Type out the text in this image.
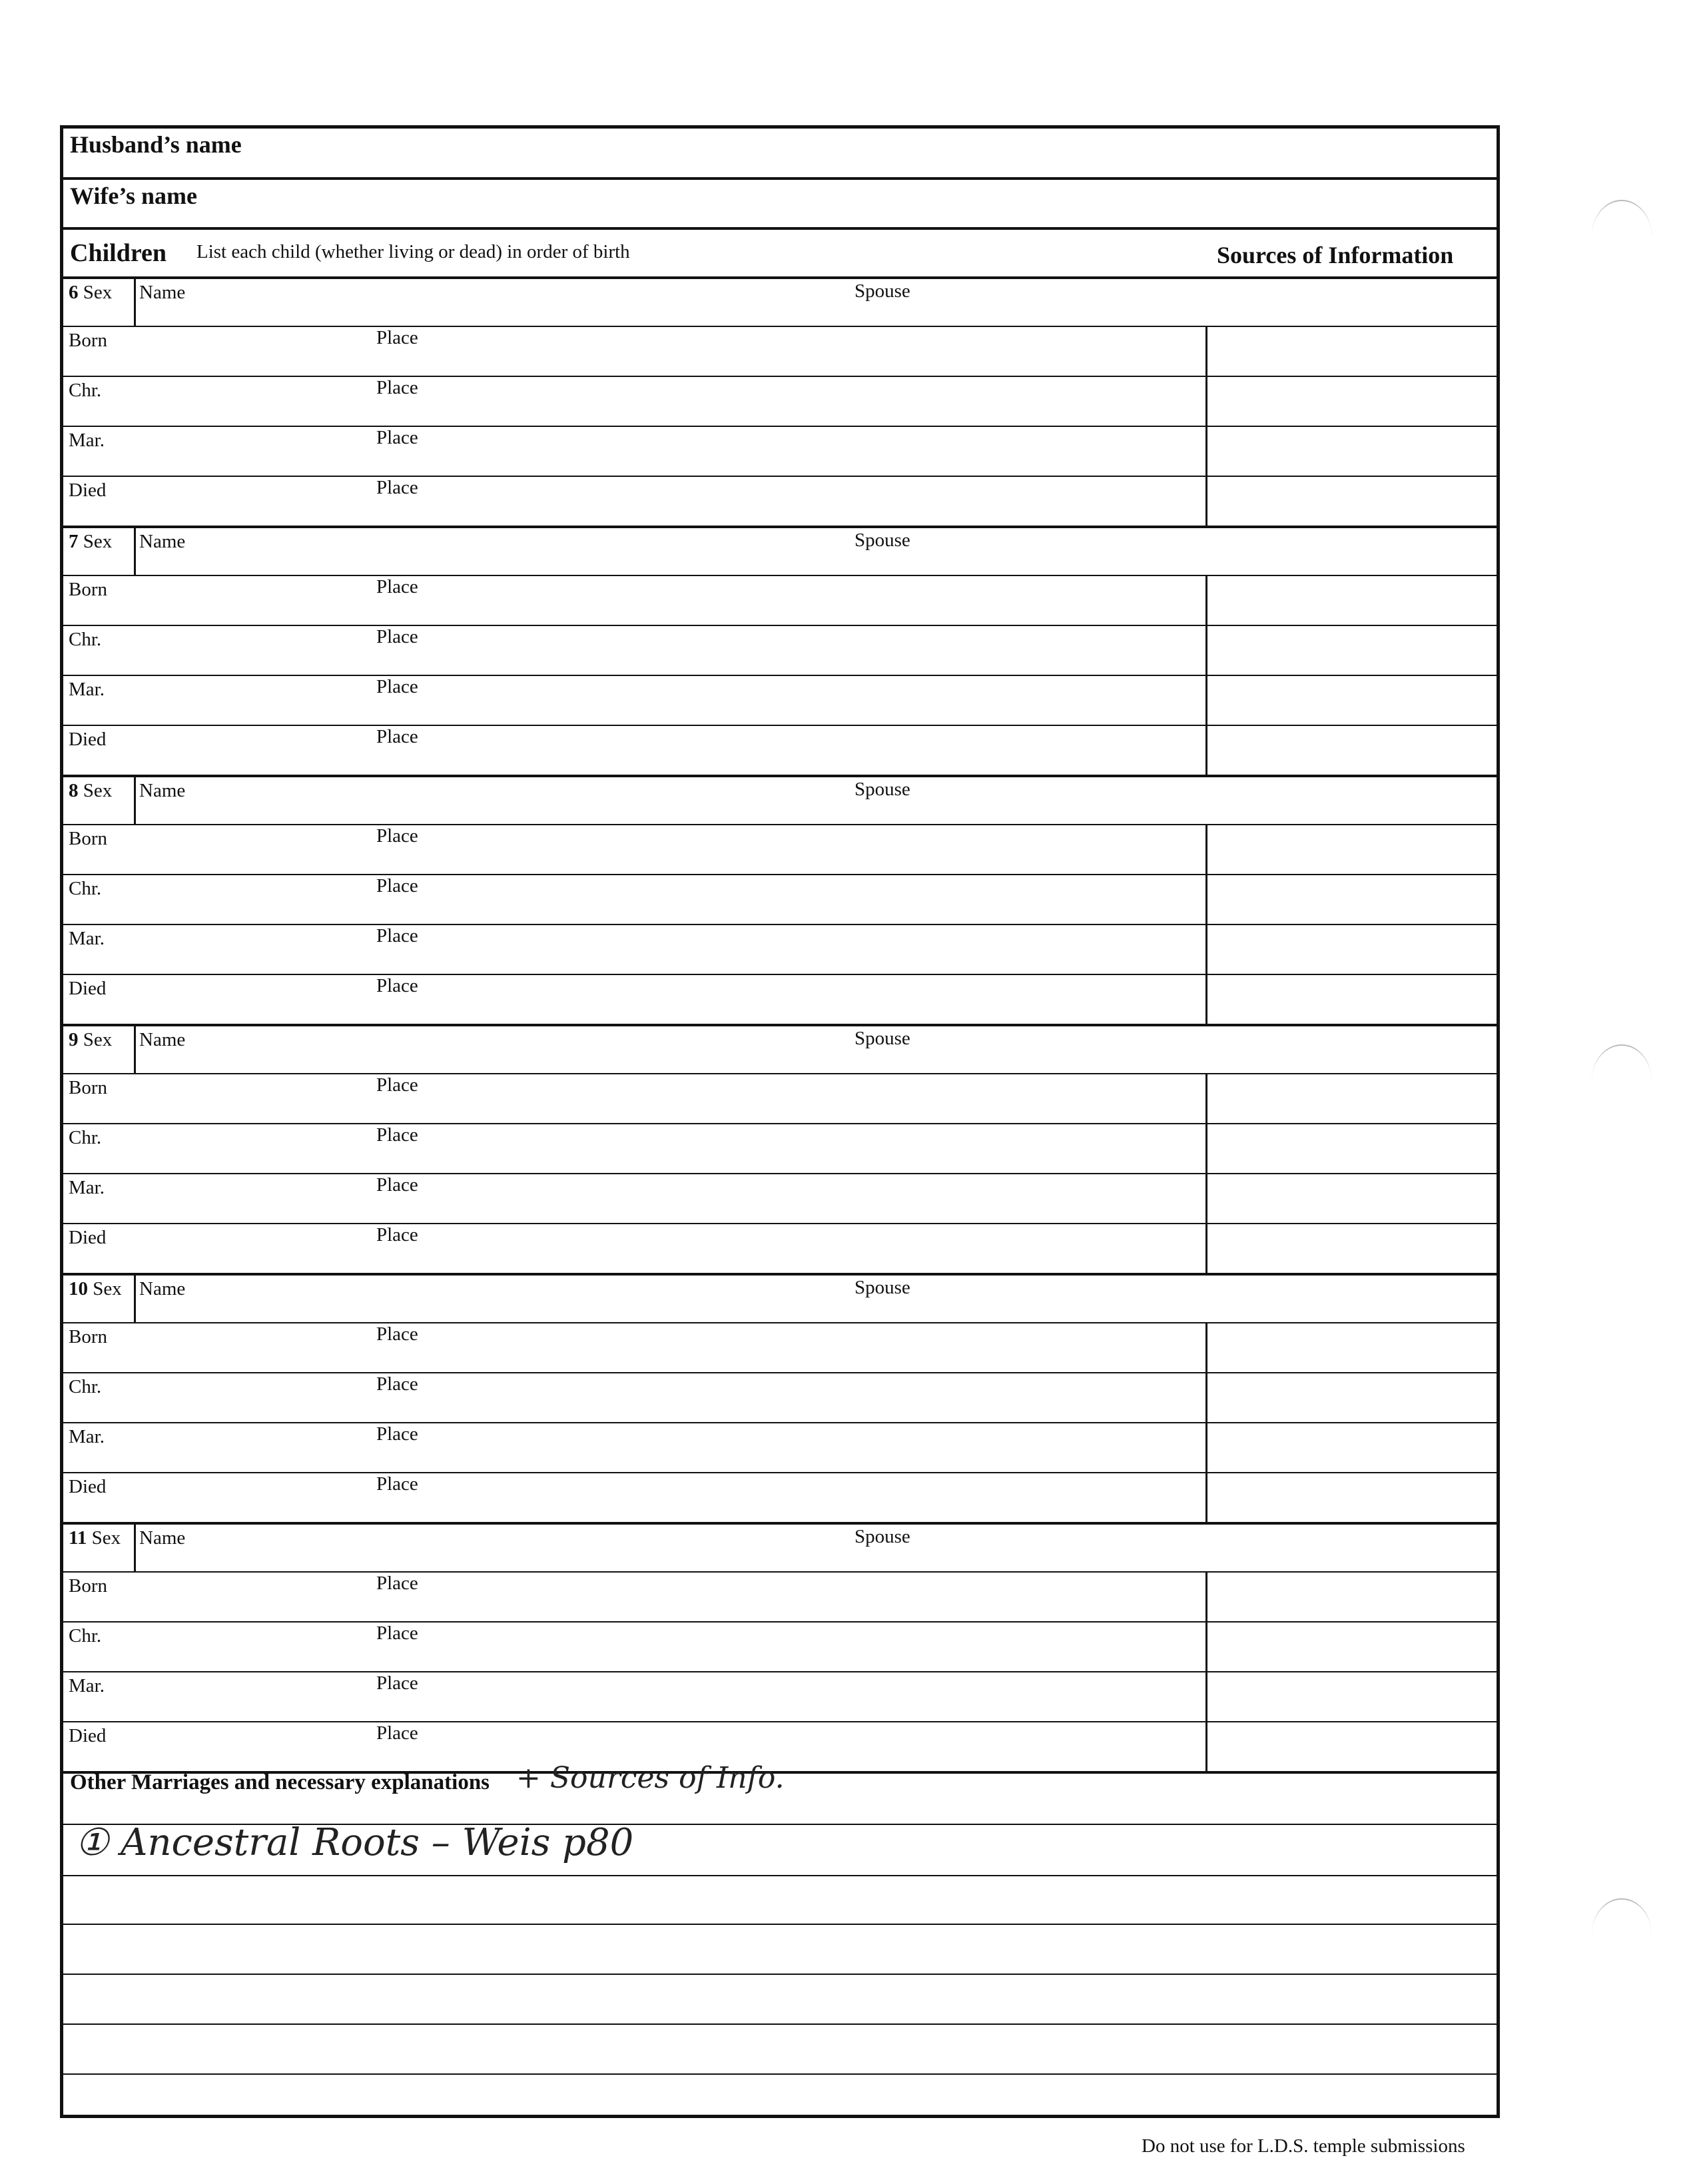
Husband’s name
Wife’s name
Children List each child (whether living or dead) in order of birth	Sources of Information
6 Sex Name	Spouse
Born	Place
Chr.	Place
Mar.	Place
Died	Place
7 Sex Name	Spouse
Born	Place
Chr.	Place
Mar.	Place
Died	Place
8 Sex Name	Spouse
Born	Place
Chr.	Place
Mar.	Place
Died	Place
9 Sex Name	Spouse
Born	Place
Chr.	Place
Mar.	Place
Died	Place
10 Sex Name	Spouse
Born	Place
Chr.	Place
Mar.	Place
Died	Place
11 Sex Name	Spouse
Born	Place
Chr.	Place
Mar.	Place
Died	Place
Other Marriages and necessary explanations + Sources of Info.
① Ancestral Roots – Weis p80
Do not use for L.D.S. temple submissions
